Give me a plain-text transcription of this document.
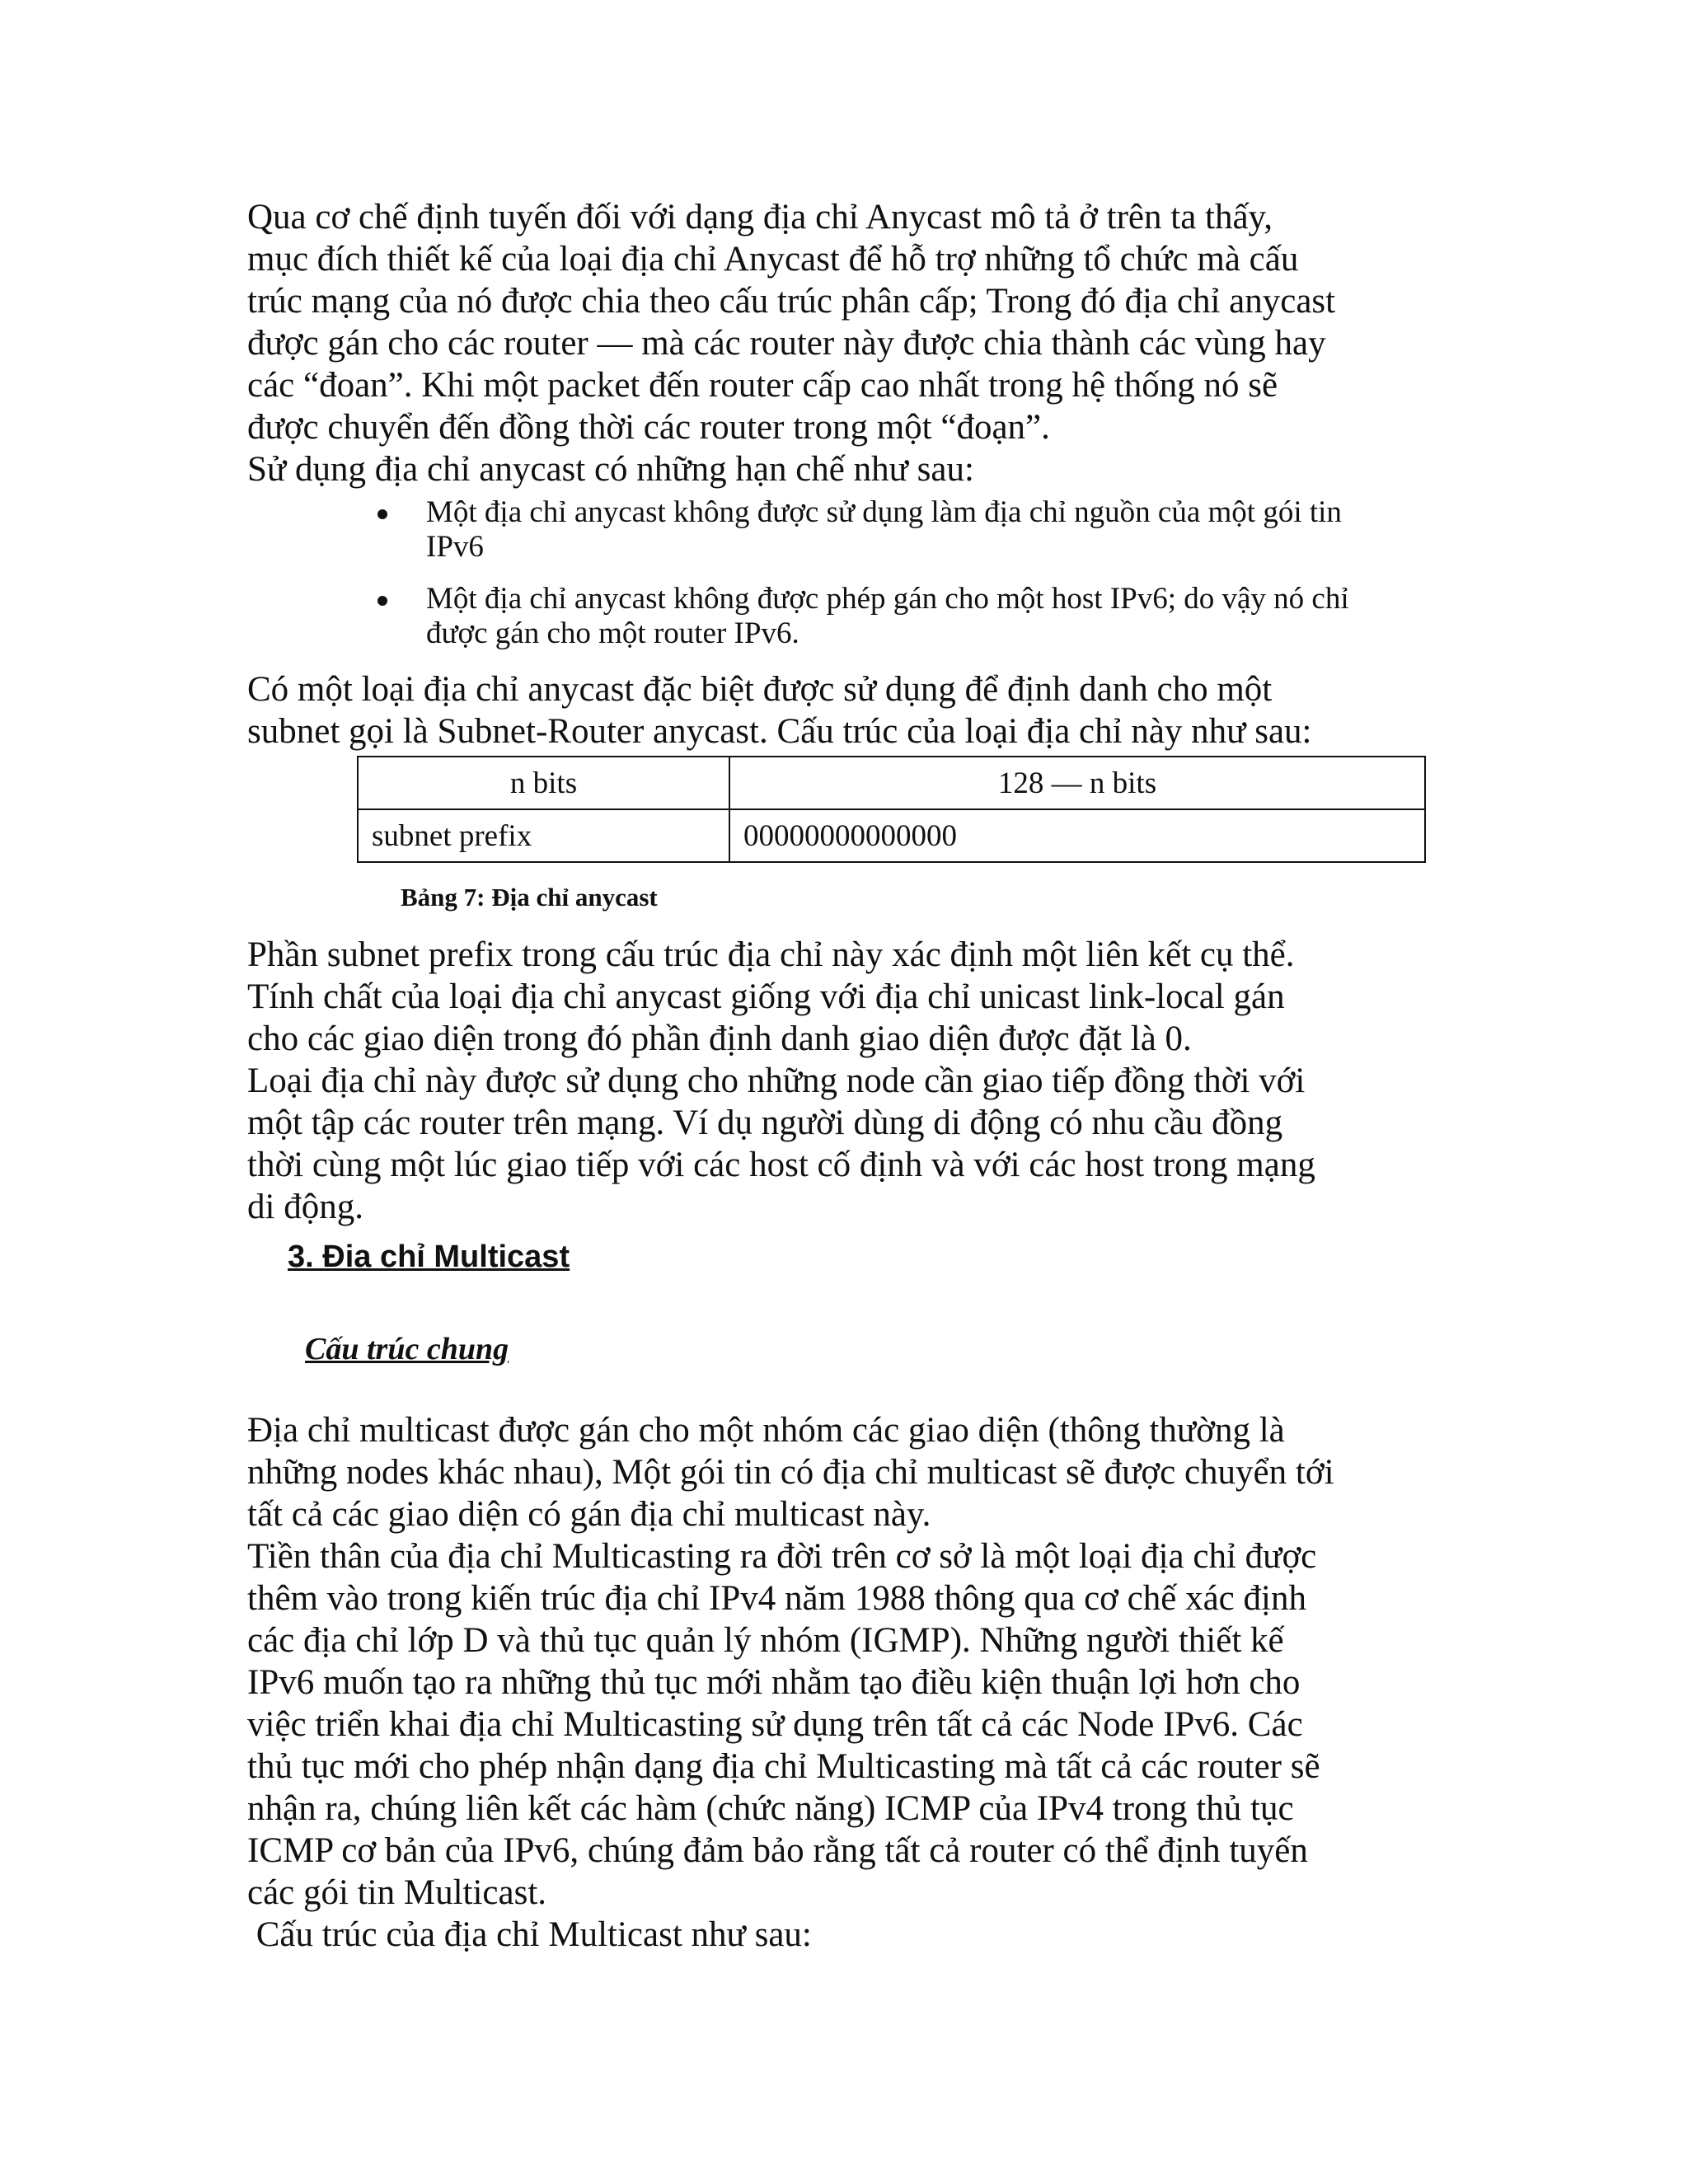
Qua cơ chế định tuyến đối với dạng địa chỉ Anycast mô tả ở trên ta thấy,

mục đích thiết kế của loại địa chỉ Anycast để hỗ trợ những tổ chức mà cấu

trúc mạng của nó được chia theo cấu trúc phân cấp; Trong đó địa chỉ anycast

được gán cho các router — mà các router này được chia thành các vùng hay

các “đoan”. Khi một packet đến router cấp cao nhất trong hệ thống nó sẽ

được chuyển đến đồng thời các router trong một “đoạn”.

Sử dụng địa chỉ anycast có những hạn chế như sau:

Một địa chỉ anycast không được sử dụng làm địa chỉ nguồn của một gói tin
IPv6
Một địa chỉ anycast không được phép gán cho một host IPv6; do vậy nó chỉ
được gán cho một router IPv6.

Có một loại địa chỉ anycast đặc biệt được sử dụng để định danh cho một

subnet gọi là Subnet-Router anycast. Cấu trúc của loại địa chỉ này như sau:

n bits	128 — n bits
subnet prefix	00000000000000

Bảng 7: Địa chỉ anycast

Phần subnet prefix trong cấu trúc địa chỉ này xác định một liên kết cụ thể.

Tính chất của loại địa chỉ anycast giống với địa chỉ unicast link-local gán

cho các giao diện trong đó phần định danh giao diện được đặt là 0.

Loại địa chỉ này được sử dụng cho những node cần giao tiếp đồng thời với

một tập các router trên mạng. Ví dụ người dùng di động có nhu cầu đồng

thời cùng một lúc giao tiếp với các host cố định và với các host trong mạng

di động.

3. Đia chỉ Multicast

Cấu trúc chung

Địa chỉ multicast được gán cho một nhóm các giao diện (thông thường là

những nodes khác nhau), Một gói tin có địa chỉ multicast sẽ được chuyển tới

tất cả các giao diện có gán địa chỉ multicast này.

Tiền thân của địa chỉ Multicasting ra đời trên cơ sở là một loại địa chỉ được

thêm vào trong kiến trúc địa chỉ IPv4 năm 1988 thông qua cơ chế xác định

các địa chỉ lớp D và thủ tục quản lý nhóm (IGMP). Những người thiết kế

IPv6 muốn tạo ra những thủ tục mới nhằm tạo điều kiện thuận lợi hơn cho

việc triển khai địa chỉ Multicasting sử dụng trên tất cả các Node IPv6. Các

thủ tục mới cho phép nhận dạng địa chỉ Multicasting mà tất cả các router sẽ

nhận ra, chúng liên kết các hàm (chức năng) ICMP của IPv4 trong thủ tục

ICMP cơ bản của IPv6, chúng đảm bảo rằng tất cả router có thể định tuyến

các gói tin Multicast.

Cấu trúc của địa chỉ Multicast như sau:
